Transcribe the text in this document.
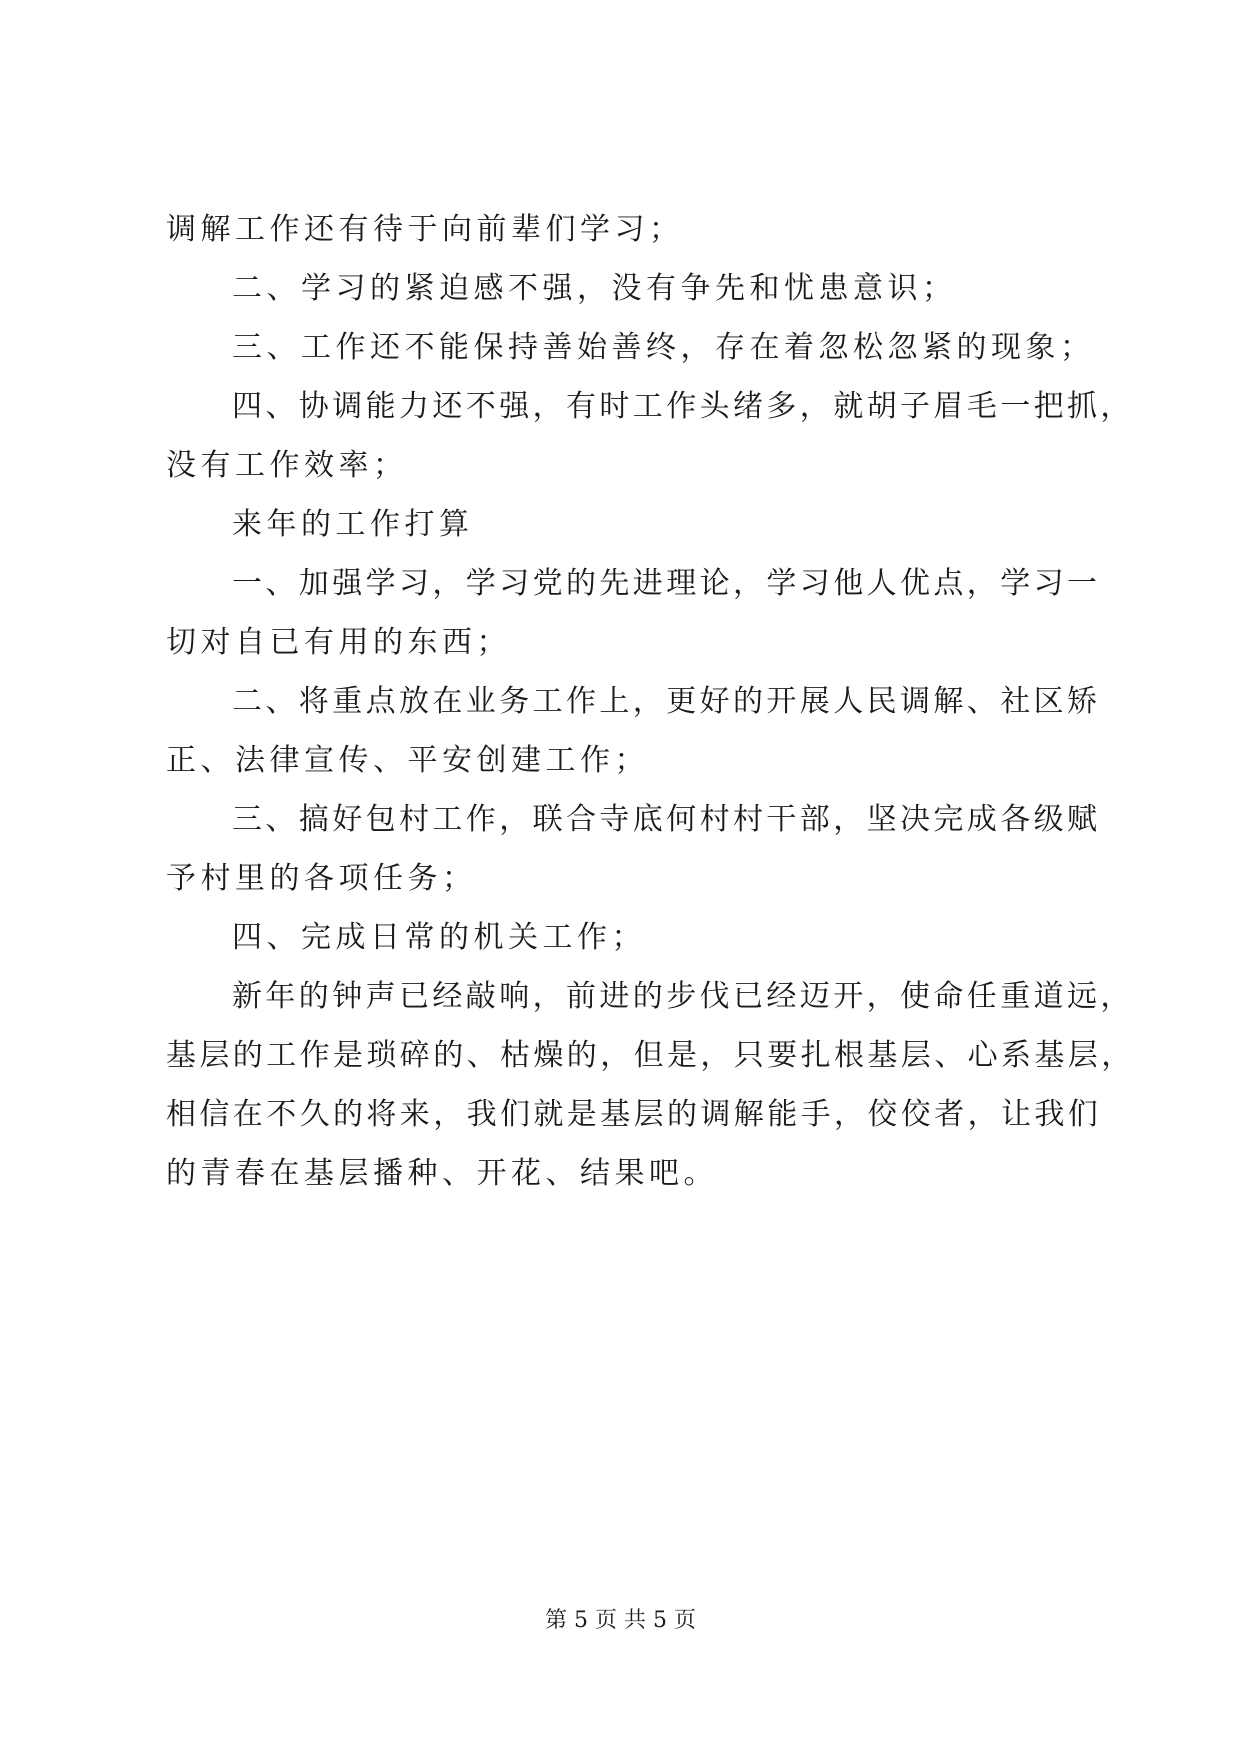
调解工作还有待于向前辈们学习；
二、学习的紧迫感不强，没有争先和忧患意识；
三、工作还不能保持善始善终，存在着忽松忽紧的现象；
四、协调能力还不强，有时工作头绪多，就胡子眉毛一把抓，
没有工作效率；
来年的工作打算
一、加强学习，学习党的先进理论，学习他人优点，学习一
切对自已有用的东西；
二、将重点放在业务工作上，更好的开展人民调解、社区矫
正、法律宣传、平安创建工作；
三、搞好包村工作，联合寺底何村村干部，坚决完成各级赋
予村里的各项任务；
四、完成日常的机关工作；
新年的钟声已经敲响，前进的步伐已经迈开，使命任重道远，
基层的工作是琐碎的、枯燥的，但是，只要扎根基层、心系基层，
相信在不久的将来，我们就是基层的调解能手，佼佼者，让我们
的青春在基层播种、开花、结果吧。
第 5 页 共 5 页
